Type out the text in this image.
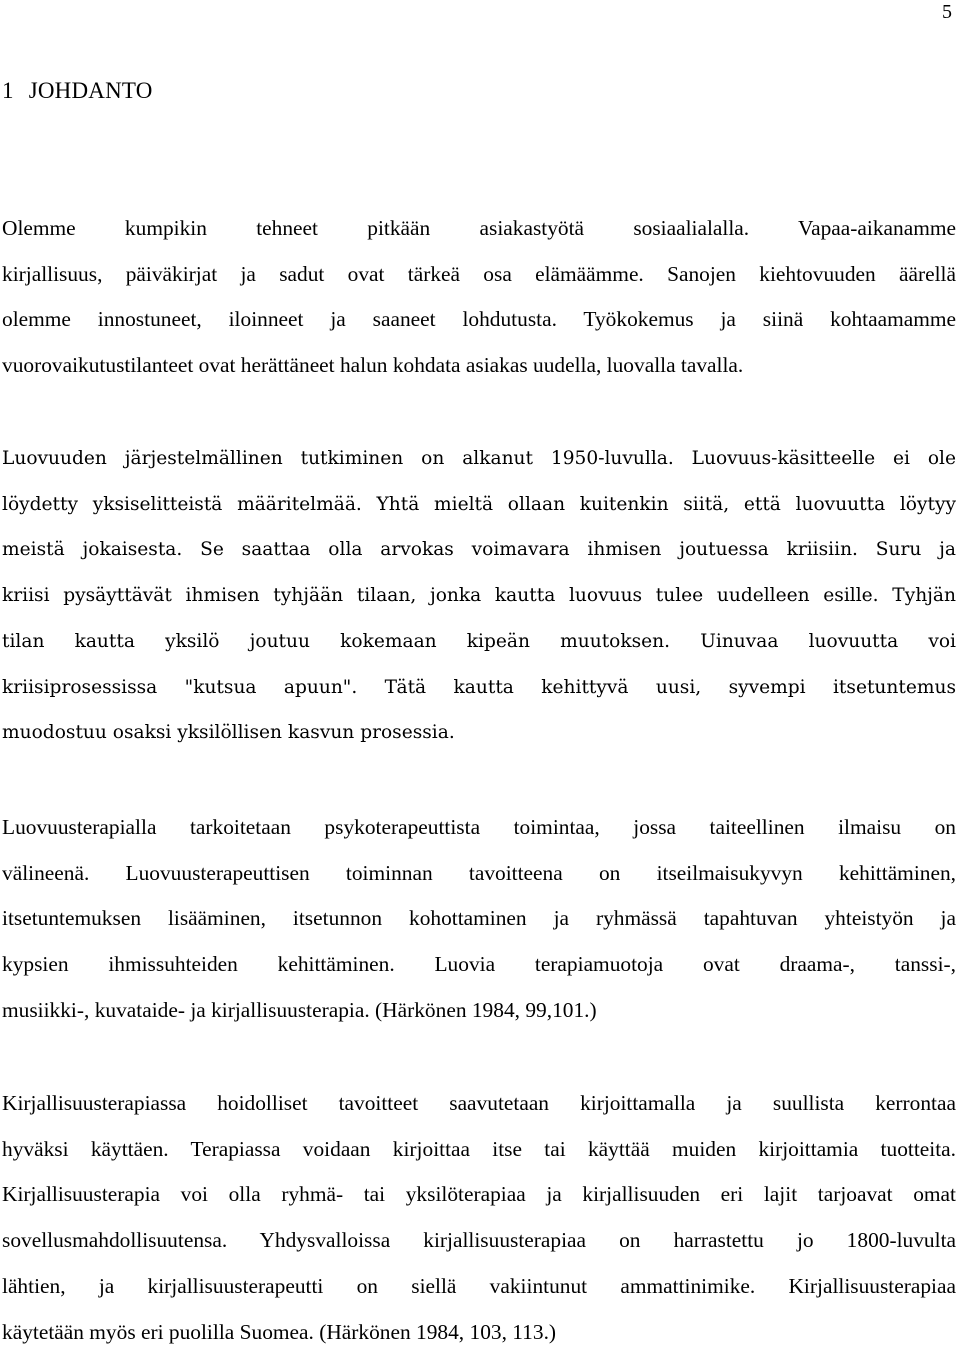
5
1 JOHDANTO

Olemme kumpikin tehneet pitkään asiakastyötä sosiaalialalla. Vapaa-aikanamme
kirjallisuus, päiväkirjat ja sadut ovat tärkeä osa elämäämme. Sanojen kiehtovuuden äärellä
olemme innostuneet, iloinneet ja saaneet lohdutusta. Työkokemus ja siinä kohtaamamme
vuorovaikutustilanteet ovat herättäneet halun kohdata asiakas uudella, luovalla tavalla.

Luovuuden järjestelmällinen tutkiminen on alkanut 1950-luvulla. Luovuus-käsitteelle ei ole
löydetty yksiselitteistä määritelmää. Yhtä mieltä ollaan kuitenkin siitä, että luovuutta löytyy
meistä jokaisesta. Se saattaa olla arvokas voimavara ihmisen joutuessa kriisiin. Suru ja
kriisi pysäyttävät ihmisen tyhjään tilaan, jonka kautta luovuus tulee uudelleen esille. Tyhjän
tilan kautta yksilö joutuu kokemaan kipeän muutoksen. Uinuvaa luovuutta voi
kriisiprosessissa "kutsua apuun". Tätä kautta kehittyvä uusi, syvempi itsetuntemus
muodostuu osaksi yksilöllisen kasvun prosessia.

Luovuusterapialla tarkoitetaan psykoterapeuttista toimintaa, jossa taiteellinen ilmaisu on
välineenä. Luovuusterapeuttisen toiminnan tavoitteena on itseilmaisukyvyn kehittäminen,
itsetuntemuksen lisääminen, itsetunnon kohottaminen ja ryhmässä tapahtuvan yhteistyön ja
kypsien ihmissuhteiden kehittäminen. Luovia terapiamuotoja ovat draama-, tanssi-,
musiikki-, kuvataide- ja kirjallisuusterapia. (Härkönen 1984, 99,101.)

Kirjallisuusterapiassa hoidolliset tavoitteet saavutetaan kirjoittamalla ja suullista kerrontaa
hyväksi käyttäen. Terapiassa voidaan kirjoittaa itse tai käyttää muiden kirjoittamia tuotteita.
Kirjallisuusterapia voi olla ryhmä- tai yksilöterapiaa ja kirjallisuuden eri lajit tarjoavat omat
sovellusmahdollisuutensa. Yhdysvalloissa kirjallisuusterapiaa on harrastettu jo 1800-luvulta
lähtien, ja kirjallisuusterapeutti on siellä vakiintunut ammattinimike. Kirjallisuusterapiaa
käytetään myös eri puolilla Suomea. (Härkönen 1984, 103, 113.)
